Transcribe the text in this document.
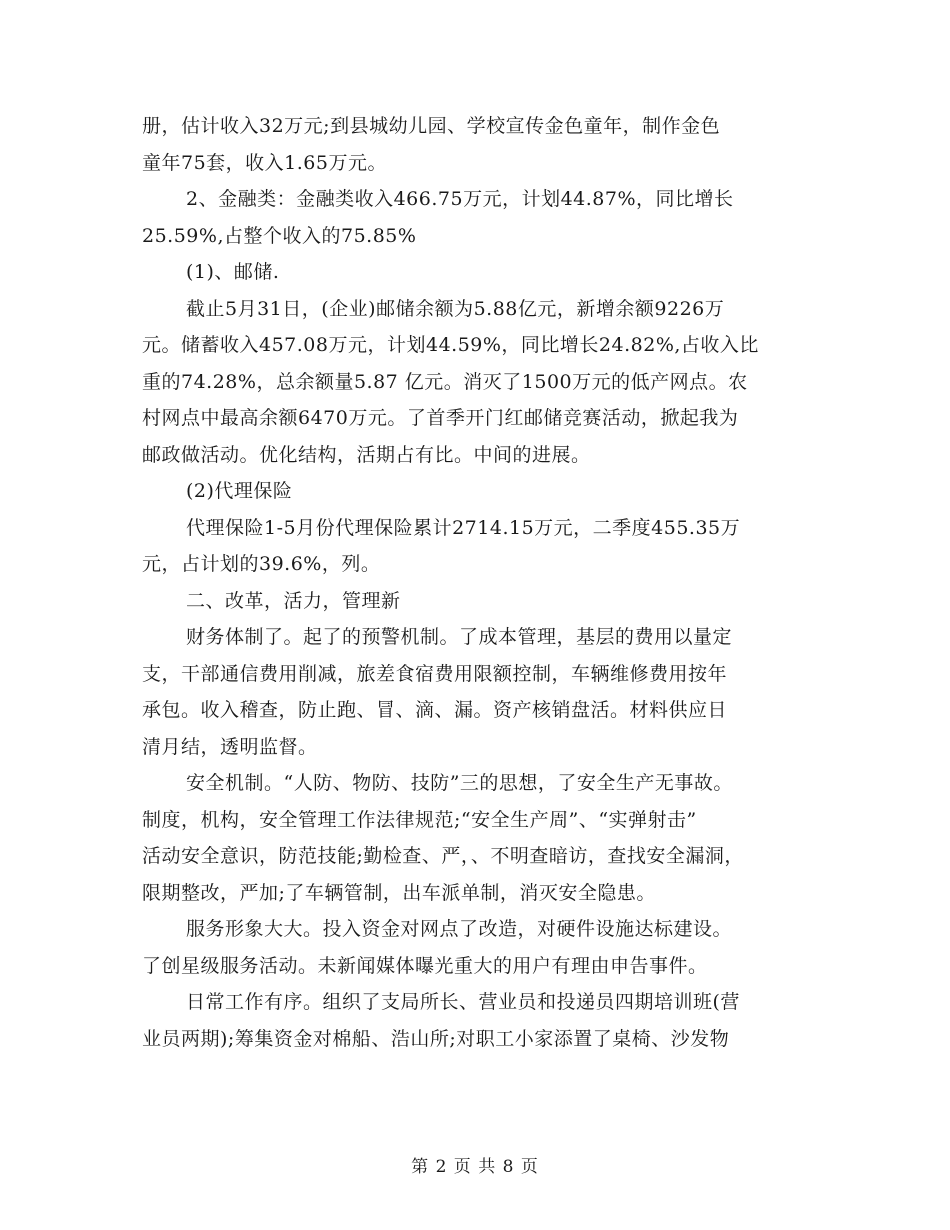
册，估计收入32万元;到县城幼儿园、学校宣传金色童年，制作金色
童年75套，收入1.65万元。
2、金融类：金融类收入466.75万元，计划44.87%，同比增长
25.59%,占整个收入的75.85%
(1)、邮储.
截止5月31日，(企业)邮储余额为5.88亿元，新增余额9226万
元。储蓄收入457.08万元，计划44.59%，同比增长24.82%,占收入比
重的74.28%，总余额量5.87 亿元。消灭了1500万元的低产网点。农
村网点中最高余额6470万元。了首季开门红邮储竞赛活动，掀起我为
邮政做活动。优化结构，活期占有比。中间的进展。
(2)代理保险
代理保险1-5月份代理保险累计2714.15万元，二季度455.35万
元，占计划的39.6%，列。
二、改革，活力，管理新
财务体制了。起了的预警机制。了成本管理，基层的费用以量定
支，干部通信费用削减，旅差食宿费用限额控制，车辆维修费用按年
承包。收入稽查，防止跑、冒、滴、漏。资产核销盘活。材料供应日
清月结，透明监督。
安全机制。“人防、物防、技防”三的思想，了安全生产无事故。
制度，机构，安全管理工作法律规范;“安全生产周”、“实弹射击”
活动安全意识，防范技能;勤检查、严，、不明查暗访，查找安全漏洞，
限期整改，严加;了车辆管制，出车派单制，消灭安全隐患。
服务形象大大。投入资金对网点了改造，对硬件设施达标建设。
了创星级服务活动。未新闻媒体曝光重大的用户有理由申告事件。
日常工作有序。组织了支局所长、营业员和投递员四期培训班(营
业员两期);筹集资金对棉船、浩山所;对职工小家添置了桌椅、沙发物
第 2 页 共 8 页
